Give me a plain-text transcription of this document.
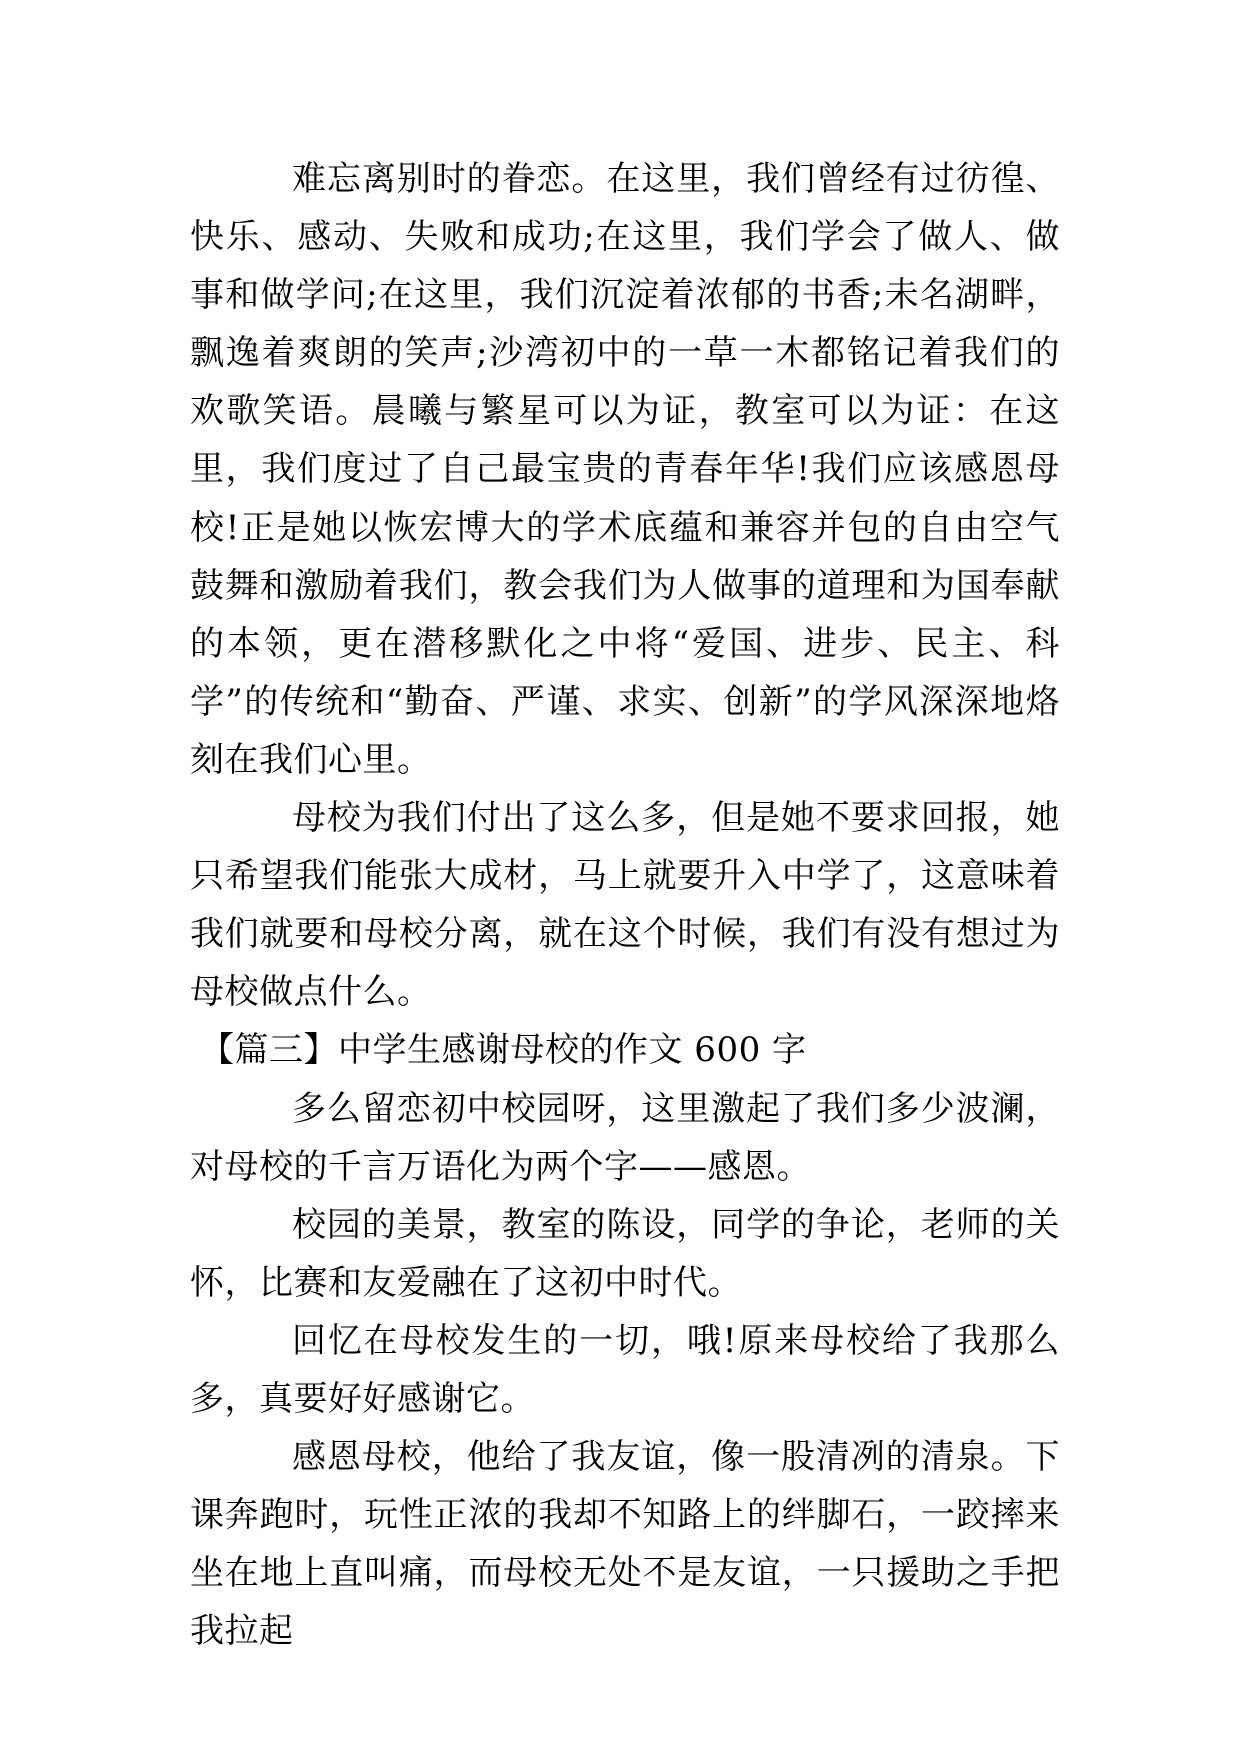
难忘离别时的眷恋。在这里，我们曾经有过彷徨、快乐、感动、失败和成功;在这里，我们学会了做人、做事和做学问;在这里，我们沉淀着浓郁的书香;未名湖畔，飘逸着爽朗的笑声;沙湾初中的一草一木都铭记着我们的欢歌笑语。晨曦与繁星可以为证，教室可以为证：在这里，我们度过了自己最宝贵的青春年华!我们应该感恩母校!正是她以恢宏博大的学术底蕴和兼容并包的自由空气鼓舞和激励着我们，教会我们为人做事的道理和为国奉献的本领，更在潜移默化之中将“爱国、进步、民主、科学”的传统和“勤奋、严谨、求实、创新”的学风深深地烙刻在我们心里。

母校为我们付出了这么多，但是她不要求回报，她只希望我们能张大成材，马上就要升入中学了，这意味着我们就要和母校分离，就在这个时候，我们有没有想过为母校做点什么。

【篇三】中学生感谢母校的作文 600 字

多么留恋初中校园呀，这里激起了我们多少波澜，对母校的千言万语化为两个字——感恩。

校园的美景，教室的陈设，同学的争论，老师的关怀，比赛和友爱融在了这初中时代。

回忆在母校发生的一切，哦!原来母校给了我那么多，真要好好感谢它。

感恩母校，他给了我友谊，像一股清冽的清泉。下课奔跑时，玩性正浓的我却不知路上的绊脚石，一跤摔来坐在地上直叫痛，而母校无处不是友谊，一只援助之手把我拉起
